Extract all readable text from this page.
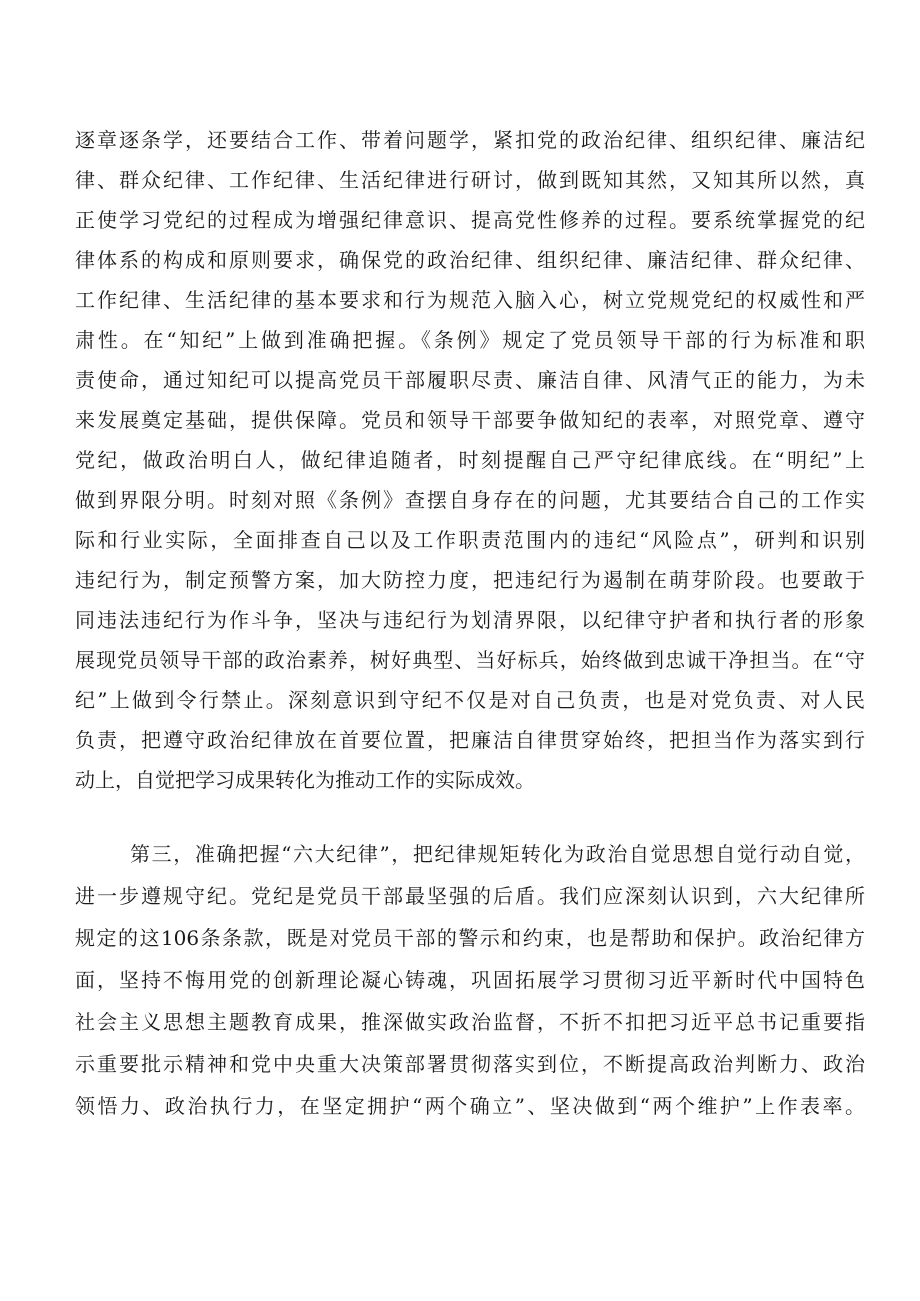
逐章逐条学，还要结合工作、带着问题学，紧扣党的政治纪律、组织纪律、廉洁纪
律、群众纪律、工作纪律、生活纪律进行研讨，做到既知其然，又知其所以然，真
正使学习党纪的过程成为增强纪律意识、提高党性修养的过程。要系统掌握党的纪
律体系的构成和原则要求，确保党的政治纪律、组织纪律、廉洁纪律、群众纪律、
工作纪律、生活纪律的基本要求和行为规范入脑入心，树立党规党纪的权威性和严
肃性。在“知纪”上做到准确把握。《条例》规定了党员领导干部的行为标准和职
责使命，通过知纪可以提高党员干部履职尽责、廉洁自律、风清气正的能力，为未
来发展奠定基础，提供保障。党员和领导干部要争做知纪的表率，对照党章、遵守
党纪，做政治明白人，做纪律追随者，时刻提醒自己严守纪律底线。在“明纪”上
做到界限分明。时刻对照《条例》查摆自身存在的问题，尤其要结合自己的工作实
际和行业实际，全面排查自己以及工作职责范围内的违纪“风险点”，研判和识别
违纪行为，制定预警方案，加大防控力度，把违纪行为遏制在萌芽阶段。也要敢于
同违法违纪行为作斗争，坚决与违纪行为划清界限，以纪律守护者和执行者的形象
展现党员领导干部的政治素养，树好典型、当好标兵，始终做到忠诚干净担当。在“守
纪”上做到令行禁止。深刻意识到守纪不仅是对自己负责，也是对党负责、对人民
负责，把遵守政治纪律放在首要位置，把廉洁自律贯穿始终，把担当作为落实到行
动上，自觉把学习成果转化为推动工作的实际成效。
第三，准确把握“六大纪律”，把纪律规矩转化为政治自觉思想自觉行动自觉，
进一步遵规守纪。党纪是党员干部最坚强的后盾。我们应深刻认识到，六大纪律所
规定的这106条条款，既是对党员干部的警示和约束，也是帮助和保护。政治纪律方
面，坚持不悔用党的创新理论凝心铸魂，巩固拓展学习贯彻习近平新时代中国特色
社会主义思想主题教育成果，推深做实政治监督，不折不扣把习近平总书记重要指
示重要批示精神和党中央重大决策部署贯彻落实到位，不断提高政治判断力、政治
领悟力、政治执行力，在坚定拥护“两个确立”、坚决做到“两个维护”上作表率。
